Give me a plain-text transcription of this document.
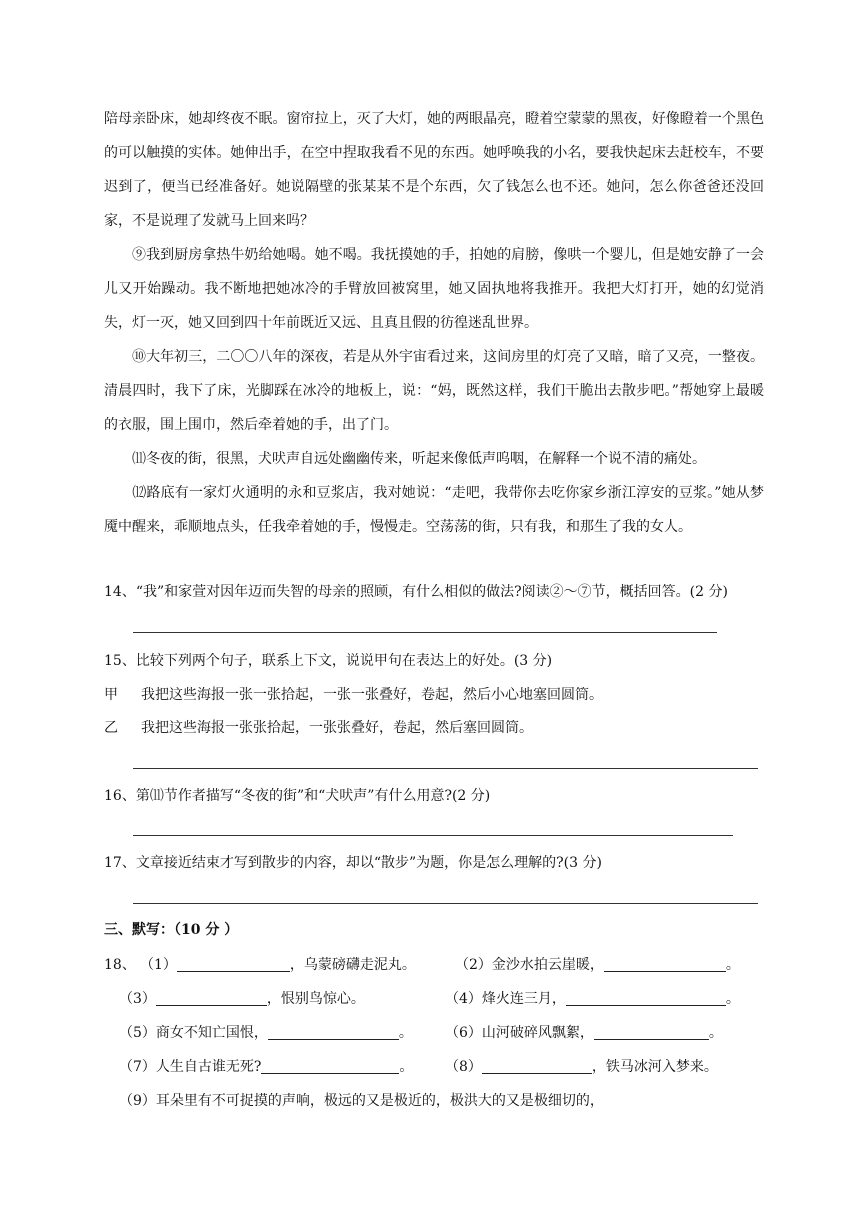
陪母亲卧床，她却终夜不眠。窗帘拉上，灭了大灯，她的两眼晶亮，瞪着空蒙蒙的黑夜，好像瞪着一个黑色的可以触摸的实体。她伸出手，在空中捏取我看不见的东西。她呼唤我的小名，要我快起床去赶校车，不要迟到了，便当已经准备好。她说隔壁的张某某不是个东西，欠了钱怎么也不还。她问，怎么你爸爸还没回家，不是说理了发就马上回来吗？
⑨我到厨房拿热牛奶给她喝。她不喝。我抚摸她的手，拍她的肩膀，像哄一个婴儿，但是她安静了一会儿又开始躁动。我不断地把她冰冷的手臂放回被窝里，她又固执地将我推开。我把大灯打开，她的幻觉消失，灯一灭，她又回到四十年前既近又远、且真且假的彷徨迷乱世界。
⑩大年初三，二〇〇八年的深夜，若是从外宇宙看过来，这间房里的灯亮了又暗，暗了又亮，一整夜。清晨四时，我下了床，光脚踩在冰冷的地板上，说：“妈，既然这样，我们干脆出去散步吧。”帮她穿上最暖的衣服，围上围巾，然后牵着她的手，出了门。
⑾冬夜的街，很黑，犬吠声自远处幽幽传来，听起来像低声呜咽，在解释一个说不清的痛处。
⑿路底有一家灯火通明的永和豆浆店，我对她说：“走吧，我带你去吃你家乡浙江淳安的豆浆。”她从梦魇中醒来，乖顺地点头，任我牵着她的手，慢慢走。空荡荡的街，只有我，和那生了我的女人。
14、“我”和家萱对因年迈而失智的母亲的照顾，有什么相似的做法?阅读②～⑦节，概括回答。(2 分)
15、比较下列两个句子，联系上下文，说说甲句在表达上的好处。(3 分)
甲 我把这些海报一张一张拾起，一张一张叠好，卷起，然后小心地塞回圆筒。
乙 我把这些海报一张张拾起，一张张叠好，卷起，然后塞回圆筒。
16、第⑾节作者描写“冬夜的街”和“犬吠声”有什么用意?(2 分)
17、文章接近结束才写到散步的内容，却以“散步”为题，你是怎么理解的?(3 分)
三、默写：（10 分 ）
18、 （1）	，乌蒙磅礴走泥丸。	（2）金沙水拍云崖暖，	。
（3）	，恨别鸟惊心。	（4）烽火连三月，	。
（5）商女不知亡国恨，	。 （6）山河破碎风飘絮，	。
（7）人生自古谁无死?	。 （8）	，铁马冰河入梦来。
（9）耳朵里有不可捉摸的声响，极远的又是极近的，极洪大的又是极细切的，
